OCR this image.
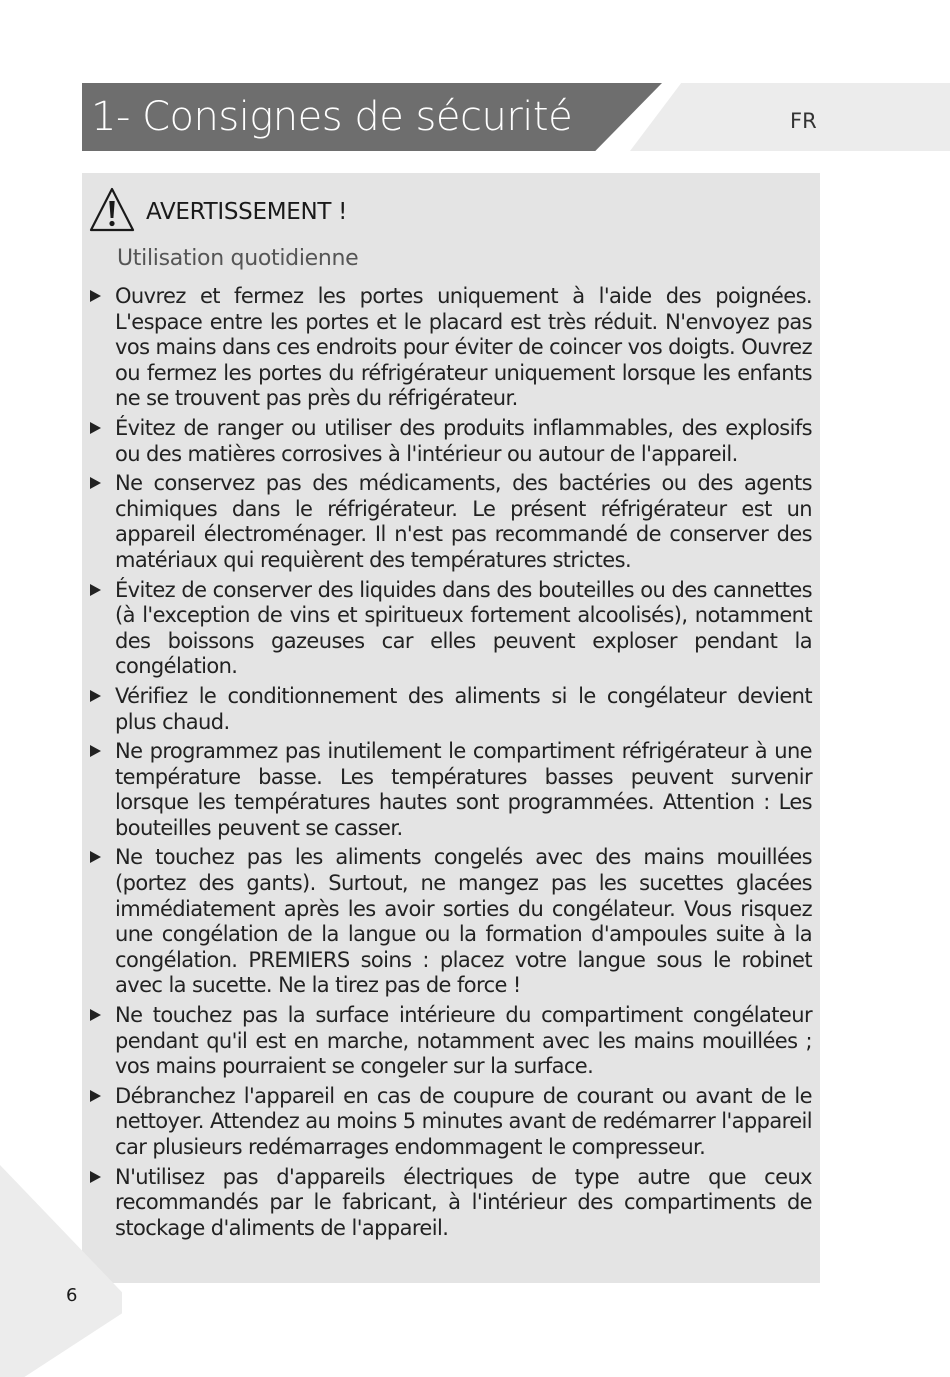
1- Consignes de sécurité	FR
AVERTISSEMENT !
Utilisation quotidienne
Ouvrez et fermez les portes uniquement à l'aide des poignées. L'espace entre les portes et le placard est très réduit. N'envoyez pas vos mains dans ces endroits pour éviter de coincer vos doigts. Ouvrez ou fermez les portes du réfrigérateur uniquement lorsque les enfants ne se trouvent pas près du réfrigérateur.
Évitez de ranger ou utiliser des produits inflammables, des explosifs ou des matières corrosives à l'intérieur ou autour de l'appareil.
Ne conservez pas des médicaments, des bactéries ou des agents chimiques dans le réfrigérateur. Le présent réfrigérateur est un appareil électroménager. Il n'est pas recommandé de conserver des matériaux qui requièrent des températures strictes.
Évitez de conserver des liquides dans des bouteilles ou des cannettes (à l'exception de vins et spiritueux fortement alcoolisés), notamment des boissons gazeuses car elles peuvent exploser pendant la congélation.
Vérifiez le conditionnement des aliments si le congélateur devient plus chaud.
Ne programmez pas inutilement le compartiment réfrigérateur à une température basse. Les températures basses peuvent survenir lorsque les températures hautes sont programmées. Attention : Les bouteilles peuvent se casser.
Ne touchez pas les aliments congelés avec des mains mouillées (portez des gants). Surtout, ne mangez pas les sucettes glacées immédiatement après les avoir sorties du congélateur. Vous risquez une congélation de la langue ou la formation d'ampoules suite à la congélation. PREMIERS soins : placez votre langue sous le robinet avec la sucette. Ne la tirez pas de force !
Ne touchez pas la surface intérieure du compartiment congélateur pendant qu'il est en marche, notamment avec les mains mouillées ; vos mains pourraient se congeler sur la surface.
Débranchez l'appareil en cas de coupure de courant ou avant de le nettoyer. Attendez au moins 5 minutes avant de redémarrer l'appareil car plusieurs redémarrages endommagent le compresseur.
N'utilisez pas d'appareils électriques de type autre que ceux recommandés par le fabricant, à l'intérieur des compartiments de stockage d'aliments de l'appareil.
6
